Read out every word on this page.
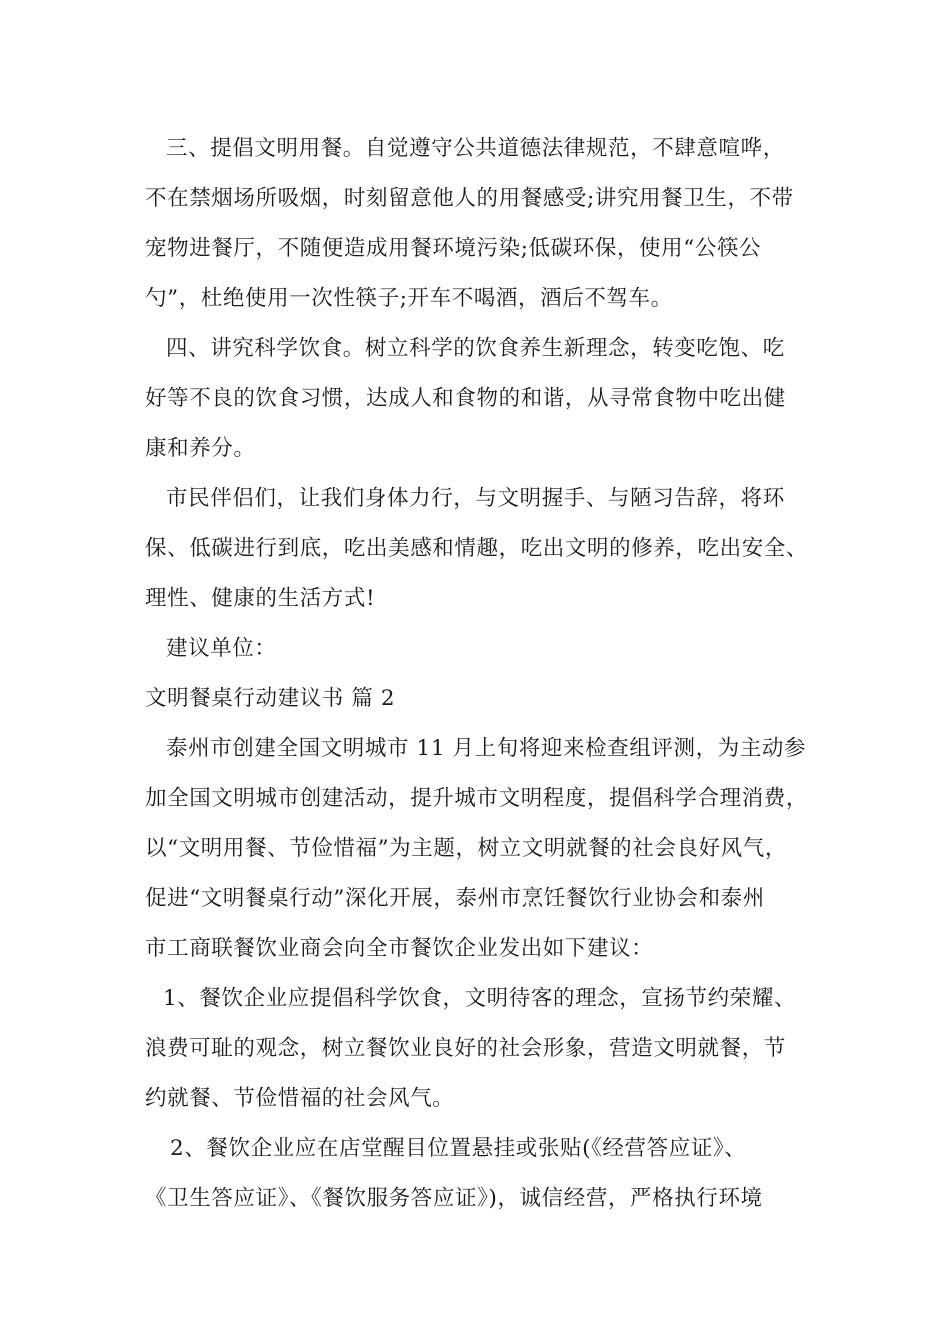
三、提倡文明用餐。自觉遵守公共道德法律规范，不肆意喧哗，
不在禁烟场所吸烟，时刻留意他人的用餐感受;讲究用餐卫生，不带
宠物进餐厅，不随便造成用餐环境污染;低碳环保，使用“公筷公
勺”，杜绝使用一次性筷子;开车不喝酒，酒后不驾车。
四、讲究科学饮食。树立科学的饮食养生新理念，转变吃饱、吃
好等不良的饮食习惯，达成人和食物的和谐，从寻常食物中吃出健
康和养分。
市民伴侣们，让我们身体力行，与文明握手、与陋习告辞，将环
保、低碳进行到底，吃出美感和情趣，吃出文明的修养，吃出安全、
理性、健康的生活方式!
建议单位：
文明餐桌行动建议书 篇 2
泰州市创建全国文明城市 11 月上旬将迎来检查组评测，为主动参
加全国文明城市创建活动，提升城市文明程度，提倡科学合理消费，
以“文明用餐、节俭惜福”为主题，树立文明就餐的社会良好风气，
促进“文明餐桌行动”深化开展，泰州市烹饪餐饮行业协会和泰州
市工商联餐饮业商会向全市餐饮企业发出如下建议：
1、餐饮企业应提倡科学饮食，文明待客的理念，宣扬节约荣耀、
浪费可耻的观念，树立餐饮业良好的社会形象，营造文明就餐，节
约就餐、节俭惜福的社会风气。
2、餐饮企业应在店堂醒目位置悬挂或张贴(《经营答应证》、
《卫生答应证》、《餐饮服务答应证》)，诚信经营，严格执行环境
